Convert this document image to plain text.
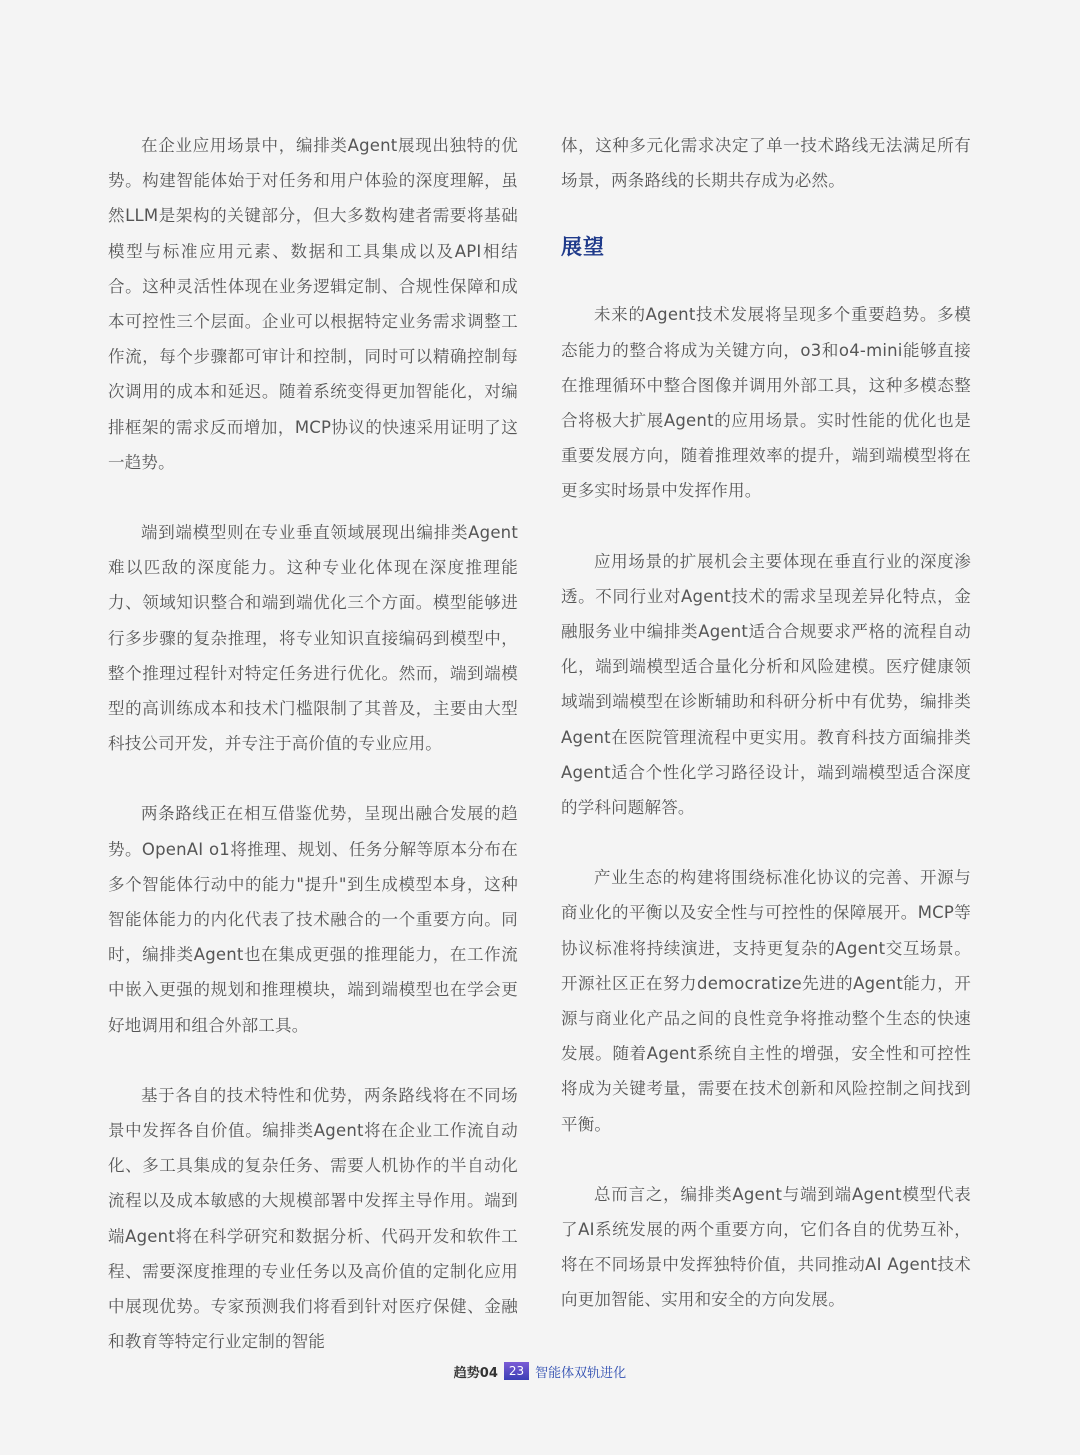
在企业应用场景中，编排类Agent展现出独特的优势。构建智能体始于对任务和用户体验的深度理解，虽然LLM是架构的关键部分，但大多数构建者需要将基础模型与标准应用元素、数据和工具集成以及API相结合。这种灵活性体现在业务逻辑定制、合规性保障和成本可控性三个层面。企业可以根据特定业务需求调整工作流，每个步骤都可审计和控制，同时可以精确控制每次调用的成本和延迟。随着系统变得更加智能化，对编排框架的需求反而增加，MCP协议的快速采用证明了这一趋势。

端到端模型则在专业垂直领域展现出编排类Agent难以匹敌的深度能力。这种专业化体现在深度推理能力、领域知识整合和端到端优化三个方面。模型能够进行多步骤的复杂推理，将专业知识直接编码到模型中，整个推理过程针对特定任务进行优化。然而，端到端模型的高训练成本和技术门槛限制了其普及，主要由大型科技公司开发，并专注于高价值的专业应用。

两条路线正在相互借鉴优势，呈现出融合发展的趋势。OpenAI o1将推理、规划、任务分解等原本分布在多个智能体行动中的能力"提升"到生成模型本身，这种智能体能力的内化代表了技术融合的一个重要方向。同时，编排类Agent也在集成更强的推理能力，在工作流中嵌入更强的规划和推理模块，端到端模型也在学会更好地调用和组合外部工具。

基于各自的技术特性和优势，两条路线将在不同场景中发挥各自价值。编排类Agent将在企业工作流自动化、多工具集成的复杂任务、需要人机协作的半自动化流程以及成本敏感的大规模部署中发挥主导作用。端到端Agent将在科学研究和数据分析、代码开发和软件工程、需要深度推理的专业任务以及高价值的定制化应用中展现优势。专家预测我们将看到针对医疗保健、金融和教育等特定行业定制的智能

体，这种多元化需求决定了单一技术路线无法满足所有场景，两条路线的长期共存成为必然。

展望

未来的Agent技术发展将呈现多个重要趋势。多模态能力的整合将成为关键方向，o3和o4-mini能够直接在推理循环中整合图像并调用外部工具，这种多模态整合将极大扩展Agent的应用场景。实时性能的优化也是重要发展方向，随着推理效率的提升，端到端模型将在更多实时场景中发挥作用。

应用场景的扩展机会主要体现在垂直行业的深度渗透。不同行业对Agent技术的需求呈现差异化特点，金融服务业中编排类Agent适合合规要求严格的流程自动化，端到端模型适合量化分析和风险建模。医疗健康领域端到端模型在诊断辅助和科研分析中有优势，编排类Agent在医院管理流程中更实用。教育科技方面编排类Agent适合个性化学习路径设计，端到端模型适合深度的学科问题解答。

产业生态的构建将围绕标准化协议的完善、开源与商业化的平衡以及安全性与可控性的保障展开。MCP等协议标准将持续演进，支持更复杂的Agent交互场景。开源社区正在努力democratize先进的Agent能力，开源与商业化产品之间的良性竞争将推动整个生态的快速发展。随着Agent系统自主性的增强，安全性和可控性将成为关键考量，需要在技术创新和风险控制之间找到平衡。

总而言之，编排类Agent与端到端Agent模型代表了AI系统发展的两个重要方向，它们各自的优势互补，将在不同场景中发挥独特价值，共同推动AI Agent技术向更加智能、实用和安全的方向发展。

趋势04 23 智能体双轨进化
